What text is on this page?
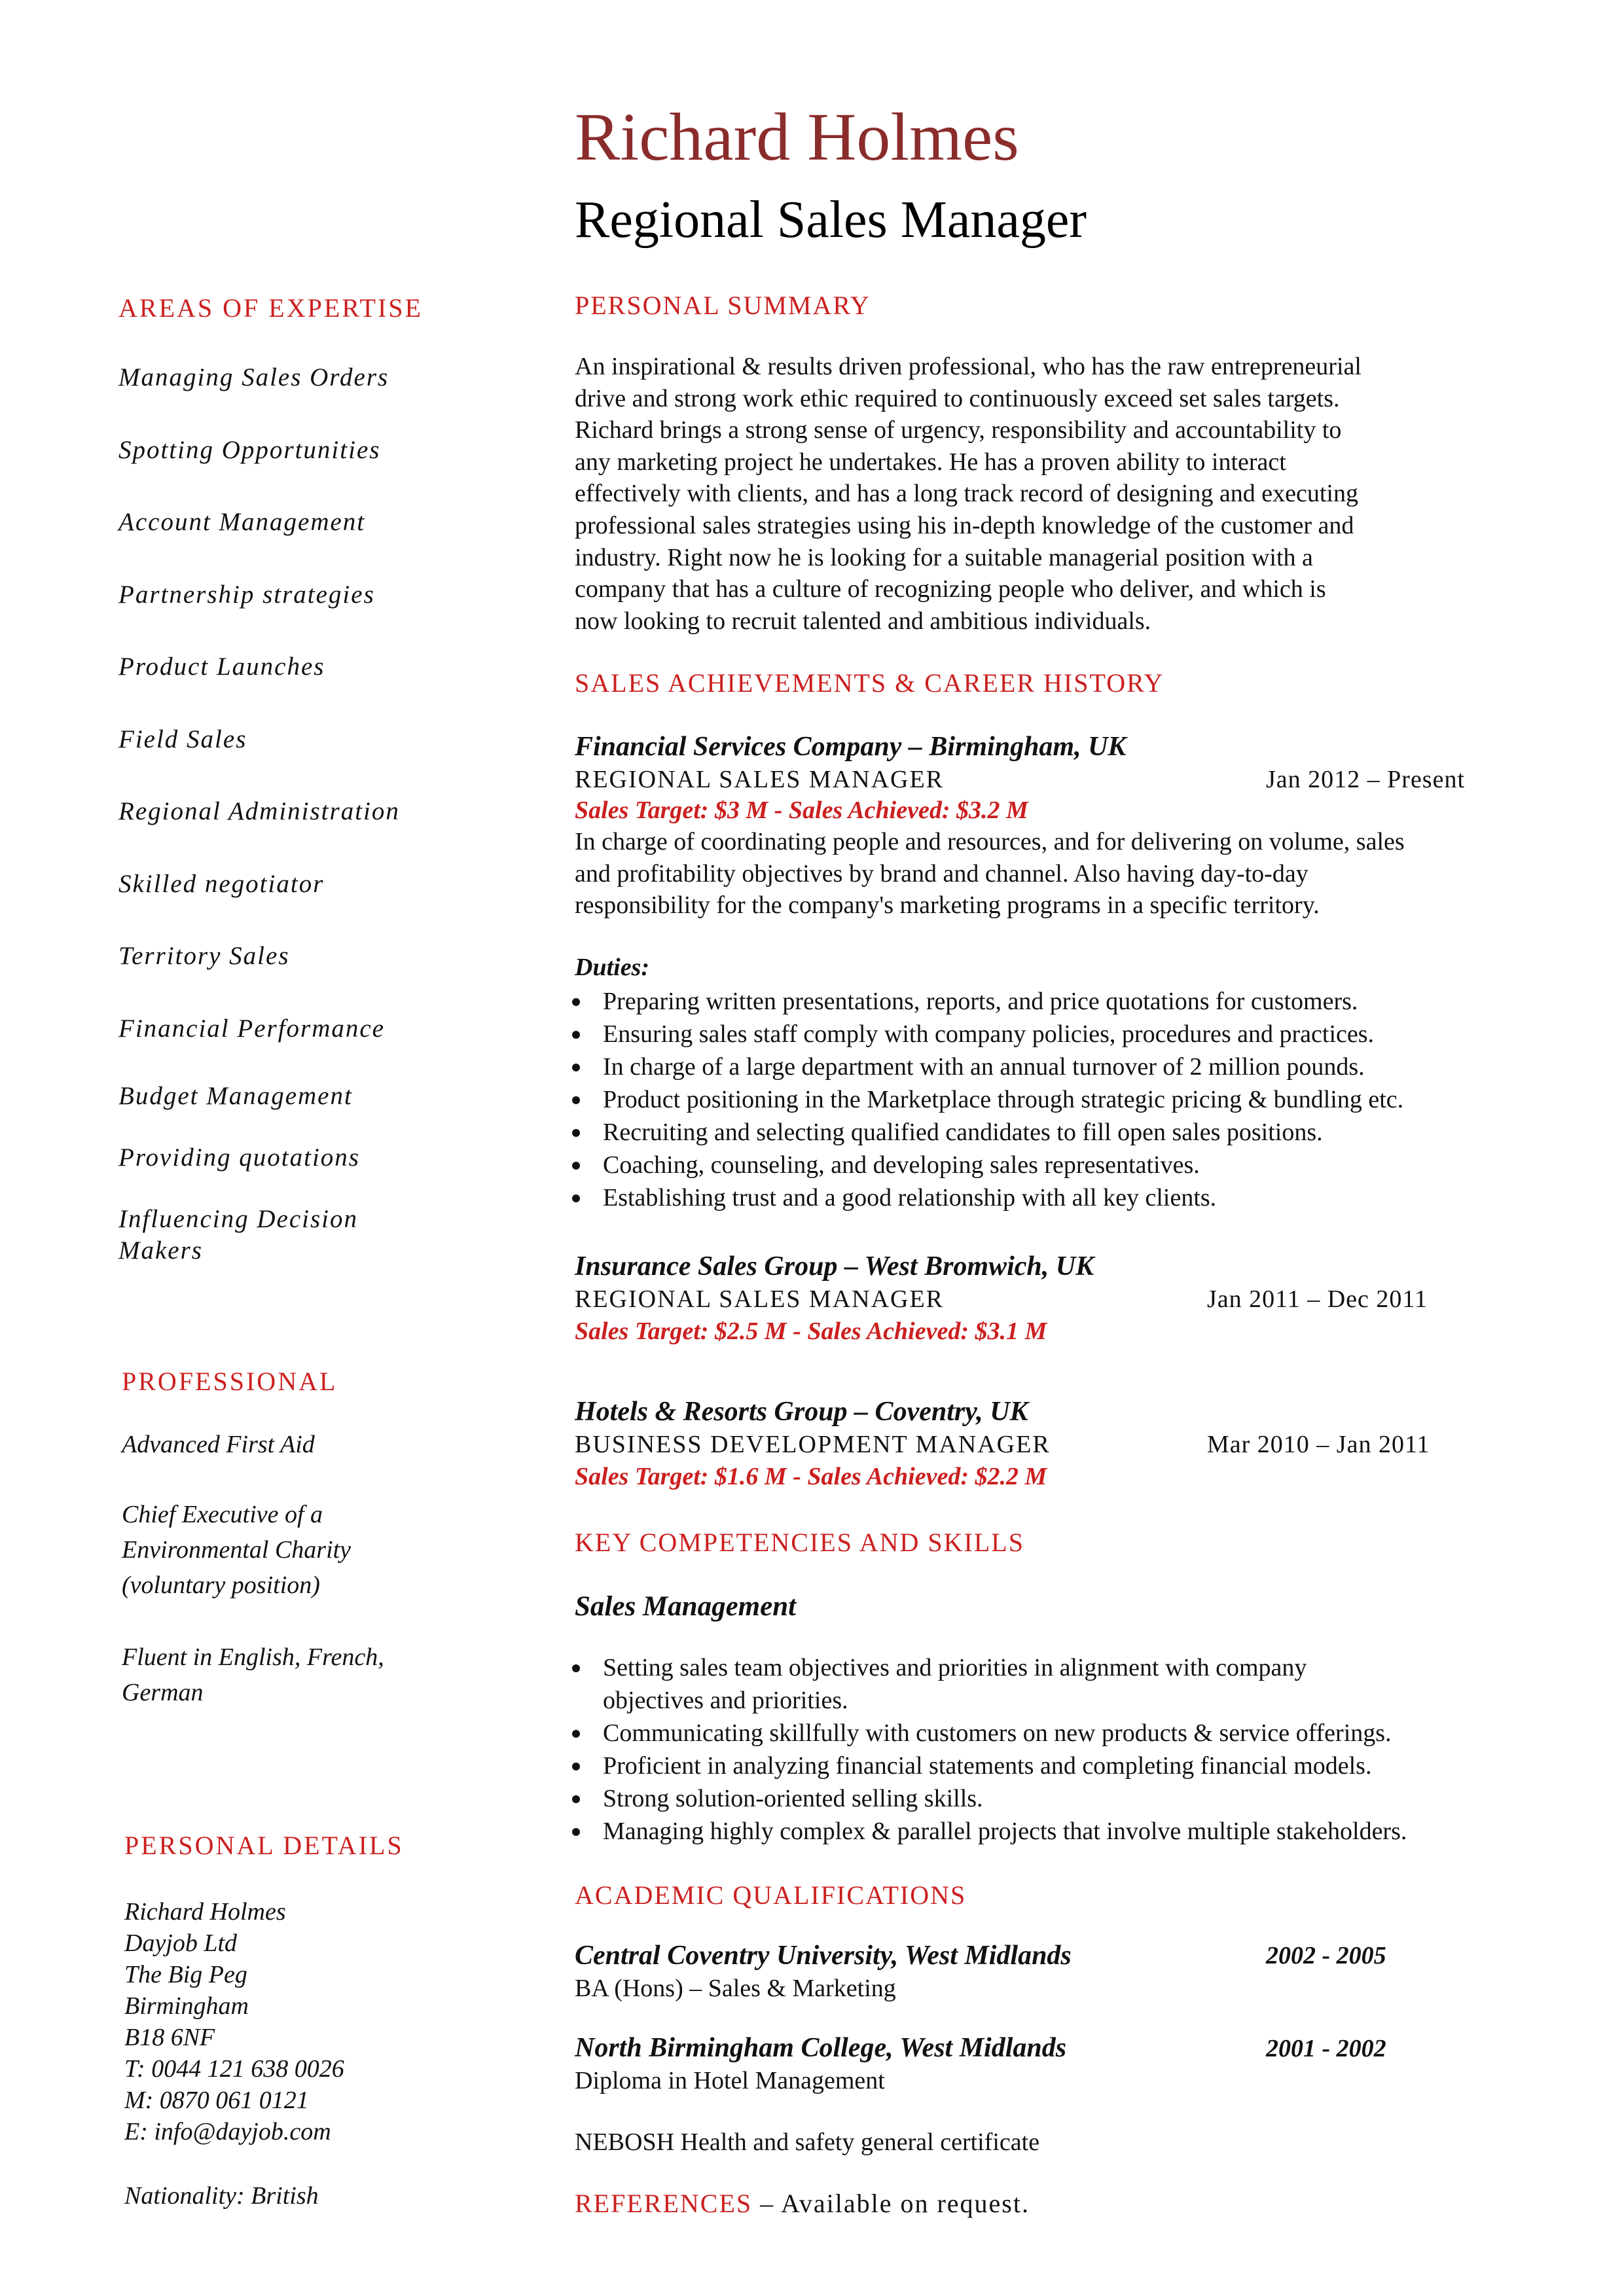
Richard Holmes
Regional Sales Manager
AREAS OF EXPERTISE
Managing Sales Orders
Spotting Opportunities
Account Management
Partnership strategies
Product Launches
Field Sales
Regional Administration
Skilled negotiator
Territory Sales
Financial Performance
Budget Management
Providing quotations
Influencing Decision
Makers
PROFESSIONAL
Advanced First Aid
Chief Executive of a
Environmental Charity
(voluntary position)
Fluent in English, French,
German
PERSONAL DETAILS
Richard Holmes
Dayjob Ltd
The Big Peg
Birmingham
B18 6NF
T: 0044 121 638 0026
M: 0870 061 0121
E: info@dayjob.com
Nationality: British
PERSONAL SUMMARY
An inspirational & results driven professional, who has the raw entrepreneurial
drive and strong work ethic required to continuously exceed set sales targets.
Richard brings a strong sense of urgency, responsibility and accountability to
any marketing project he undertakes. He has a proven ability to interact
effectively with clients, and has a long track record of designing and executing
professional sales strategies using his in-depth knowledge of the customer and
industry. Right now he is looking for a suitable managerial position with a
company that has a culture of recognizing people who deliver, and which is
now looking to recruit talented and ambitious individuals.
SALES ACHIEVEMENTS & CAREER HISTORY
Financial Services Company – Birmingham, UK
REGIONAL SALES MANAGER	Jan 2012 – Present
Sales Target: $3 M - Sales Achieved: $3.2 M
In charge of coordinating people and resources, and for delivering on volume, sales
and profitability objectives by brand and channel. Also having day-to-day
responsibility for the company's marketing programs in a specific territory.
Duties:
Preparing written presentations, reports, and price quotations for customers.
Ensuring sales staff comply with company policies, procedures and practices.
In charge of a large department with an annual turnover of 2 million pounds.
Product positioning in the Marketplace through strategic pricing & bundling etc.
Recruiting and selecting qualified candidates to fill open sales positions.
Coaching, counseling, and developing sales representatives.
Establishing trust and a good relationship with all key clients.
Insurance Sales Group – West Bromwich, UK
REGIONAL SALES MANAGER	Jan 2011 – Dec 2011
Sales Target: $2.5 M - Sales Achieved: $3.1 M
Hotels & Resorts Group – Coventry, UK
BUSINESS DEVELOPMENT MANAGER	Mar 2010 – Jan 2011
Sales Target: $1.6 M - Sales Achieved: $2.2 M
KEY COMPETENCIES AND SKILLS
Sales Management
Setting sales team objectives and priorities in alignment with company
objectives and priorities.
Communicating skillfully with customers on new products & service offerings.
Proficient in analyzing financial statements and completing financial models.
Strong solution-oriented selling skills.
Managing highly complex & parallel projects that involve multiple stakeholders.
ACADEMIC QUALIFICATIONS
Central Coventry University, West Midlands	2002 - 2005
BA (Hons) – Sales & Marketing
North Birmingham College, West Midlands	2001 - 2002
Diploma in Hotel Management
NEBOSH Health and safety general certificate
REFERENCES – Available on request.
